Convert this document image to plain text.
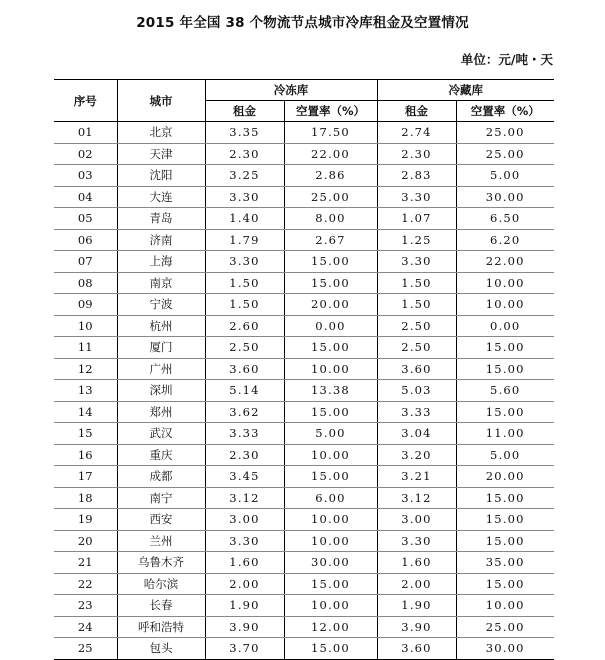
2015 年全国 38 个物流节点城市冷库租金及空置情况
单位：元/吨・天
序号	城市	冷冻库		冷藏库	
		租金	空置率（%）	租金	空置率（%）
01	北京	3.35	17.50	2.74	25.00
02	天津	2.30	22.00	2.30	25.00
03	沈阳	3.25	2.86	2.83	5.00
04	大连	3.30	25.00	3.30	30.00
05	青岛	1.40	8.00	1.07	6.50
06	济南	1.79	2.67	1.25	6.20
07	上海	3.30	15.00	3.30	22.00
08	南京	1.50	15.00	1.50	10.00
09	宁波	1.50	20.00	1.50	10.00
10	杭州	2.60	0.00	2.50	0.00
11	厦门	2.50	15.00	2.50	15.00
12	广州	3.60	10.00	3.60	15.00
13	深圳	5.14	13.38	5.03	5.60
14	郑州	3.62	15.00	3.33	15.00
15	武汉	3.33	5.00	3.04	11.00
16	重庆	2.30	10.00	3.20	5.00
17	成都	3.45	15.00	3.21	20.00
18	南宁	3.12	6.00	3.12	15.00
19	西安	3.00	10.00	3.00	15.00
20	兰州	3.30	10.00	3.30	15.00
21	乌鲁木齐	1.60	30.00	1.60	35.00
22	哈尔滨	2.00	15.00	2.00	15.00
23	长春	1.90	10.00	1.90	10.00
24	呼和浩特	3.90	12.00	3.90	25.00
25	包头	3.70	15.00	3.60	30.00
